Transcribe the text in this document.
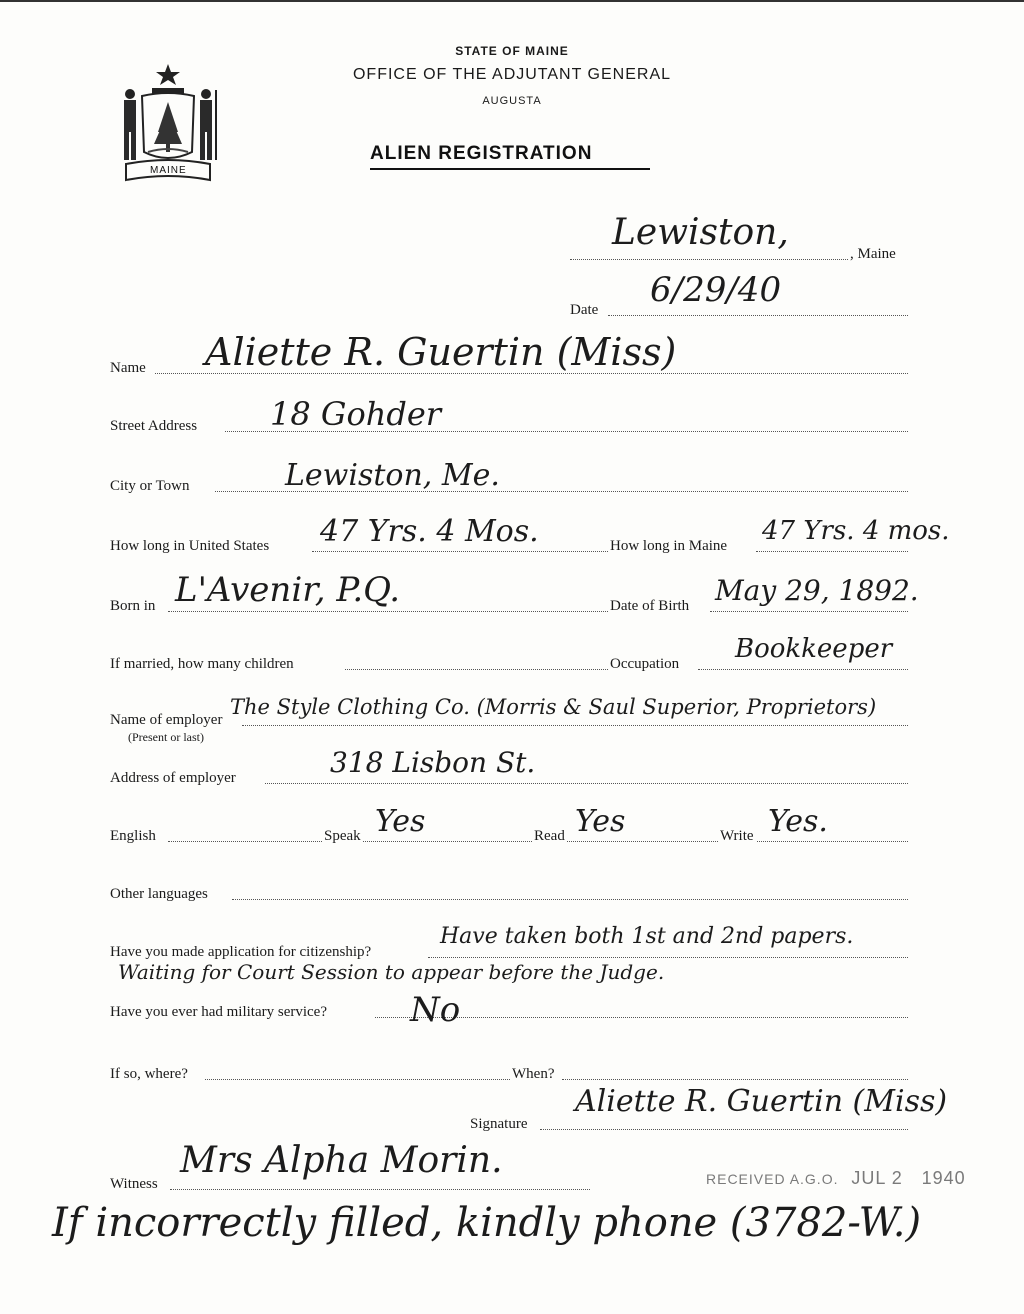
MAINE
STATE OF MAINE
OFFICE OF THE ADJUTANT GENERAL
AUGUSTA
ALIEN REGISTRATION
Lewiston,
, Maine
Date 6/29/40
Name Aliette R. Guertin (Miss)
Street Address 18 Gohder
City or Town	Lewiston, Me.
How long in United States 47 Yrs. 4 Mos.	How long in Maine 47 Yrs. 4 mos.
Born in L'Avenir, P.Q.	Date of Birth May 29, 1892.
If married, how many children	Occupation Bookkeeper
Name of employer
(Present or last)
The Style Clothing Co. (Morris & Saul Superior, Proprietors)
Address of employer	318 Lisbon St.
English	Speak Yes	Read Yes	Write Yes.
Other languages
Have you made application for citizenship?
Have taken both 1st and 2nd papers.
Waiting for Court Session to appear before the Judge.
Have you ever had military service? No
If so, where?	When?
Signature
Aliette R. Guertin (Miss)
Witness
Mrs Alpha Morin.	RECEIVED A.G.O. JUL 2 1940
If incorrectly filled, kindly phone (3782-W.)
